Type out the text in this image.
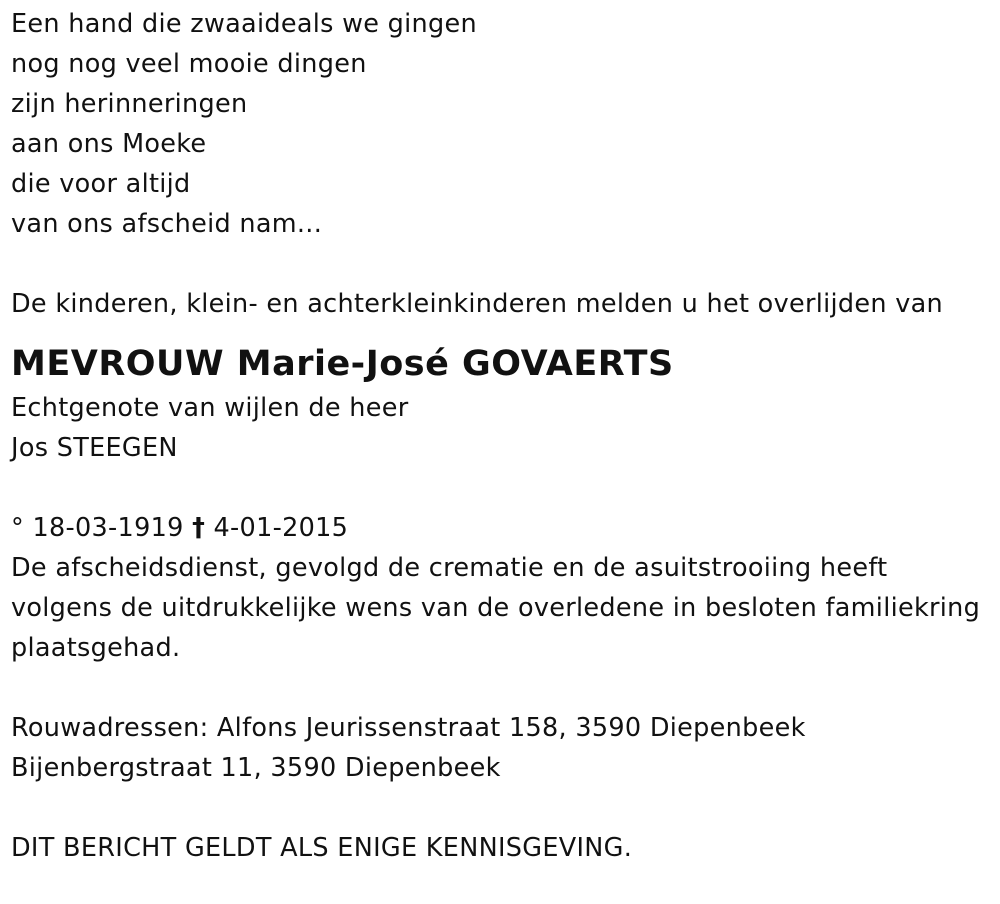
Een hand die zwaaideals we gingen
nog nog veel mooie dingen
zijn herinneringen
aan ons Moeke
die voor altijd
van ons afscheid nam...
De kinderen, klein- en achterkleinkinderen melden u het overlijden van
MEVROUW Marie-José GOVAERTS
Echtgenote van wijlen de heer
Jos STEEGEN
° 18-03-1919 † 4-01-2015
De afscheidsdienst, gevolgd de crematie en de asuitstrooiing heeft
volgens de uitdrukkelijke wens van de overledene in besloten familiekring
plaatsgehad.
Rouwadressen: Alfons Jeurissenstraat 158, 3590 Diepenbeek
Bijenbergstraat 11, 3590 Diepenbeek
DIT BERICHT GELDT ALS ENIGE KENNISGEVING.
